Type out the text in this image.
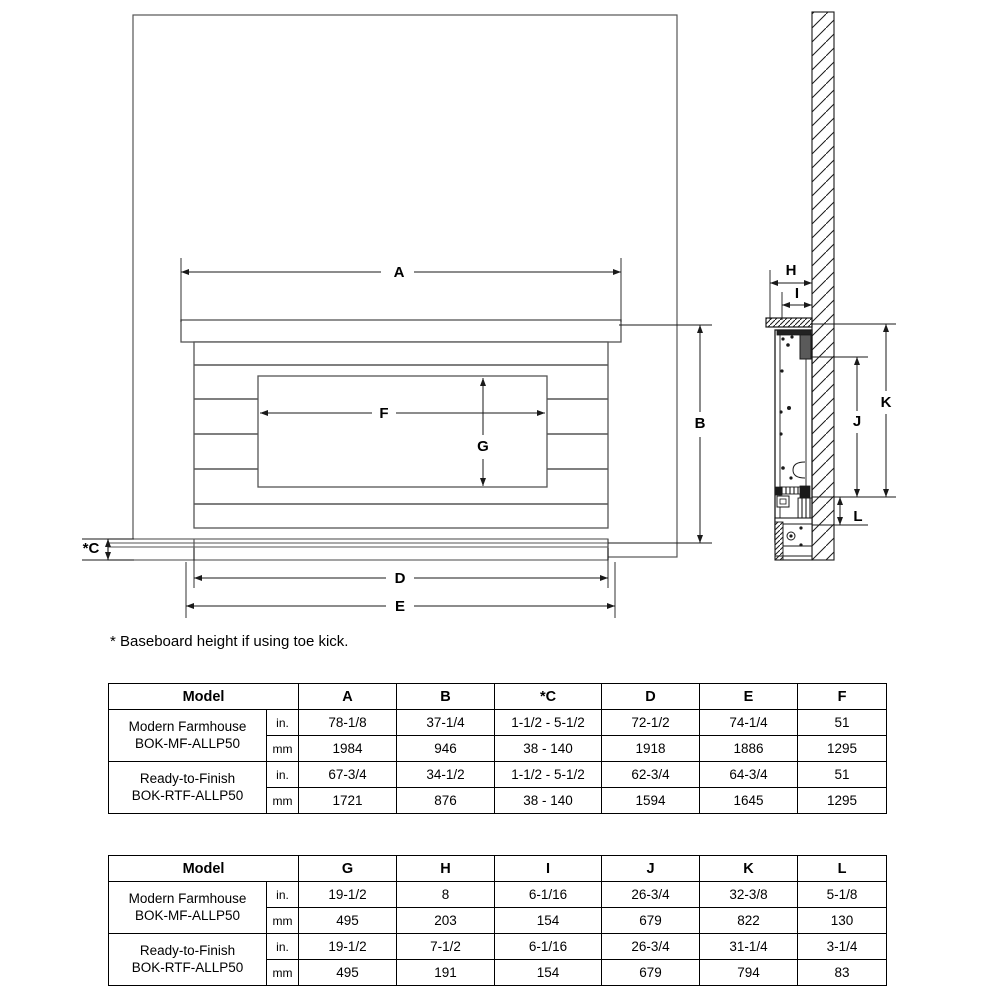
A
B
*C
D
E
F
G
H
I
K
J
L
* Baseboard height if using toe kick.
Model		A	B	*C	D	E	F

Modern Farmhouse
BOK-MF-ALLP50	in.	78-1/8	37-1/4	1-1/2 - 5-1/2	72-1/2	74-1/4	51
	mm	1984	946	38 - 140	1918	1886	1295

Ready-to-Finish
BOK-RTF-ALLP50	in.	67-3/4	34-1/2	1-1/2 - 5-1/2	62-3/4	64-3/4	51
	mm	1721	876	38 - 140	1594	1645	1295
Model		G	H	I	J	K	L

Modern Farmhouse
BOK-MF-ALLP50	in.	19-1/2	8	6-1/16	26-3/4	32-3/8	5-1/8
	mm	495	203	154	679	822	130

Ready-to-Finish
BOK-RTF-ALLP50	in.	19-1/2	7-1/2	6-1/16	26-3/4	31-1/4	3-1/4
	mm	495	191	154	679	794	83
